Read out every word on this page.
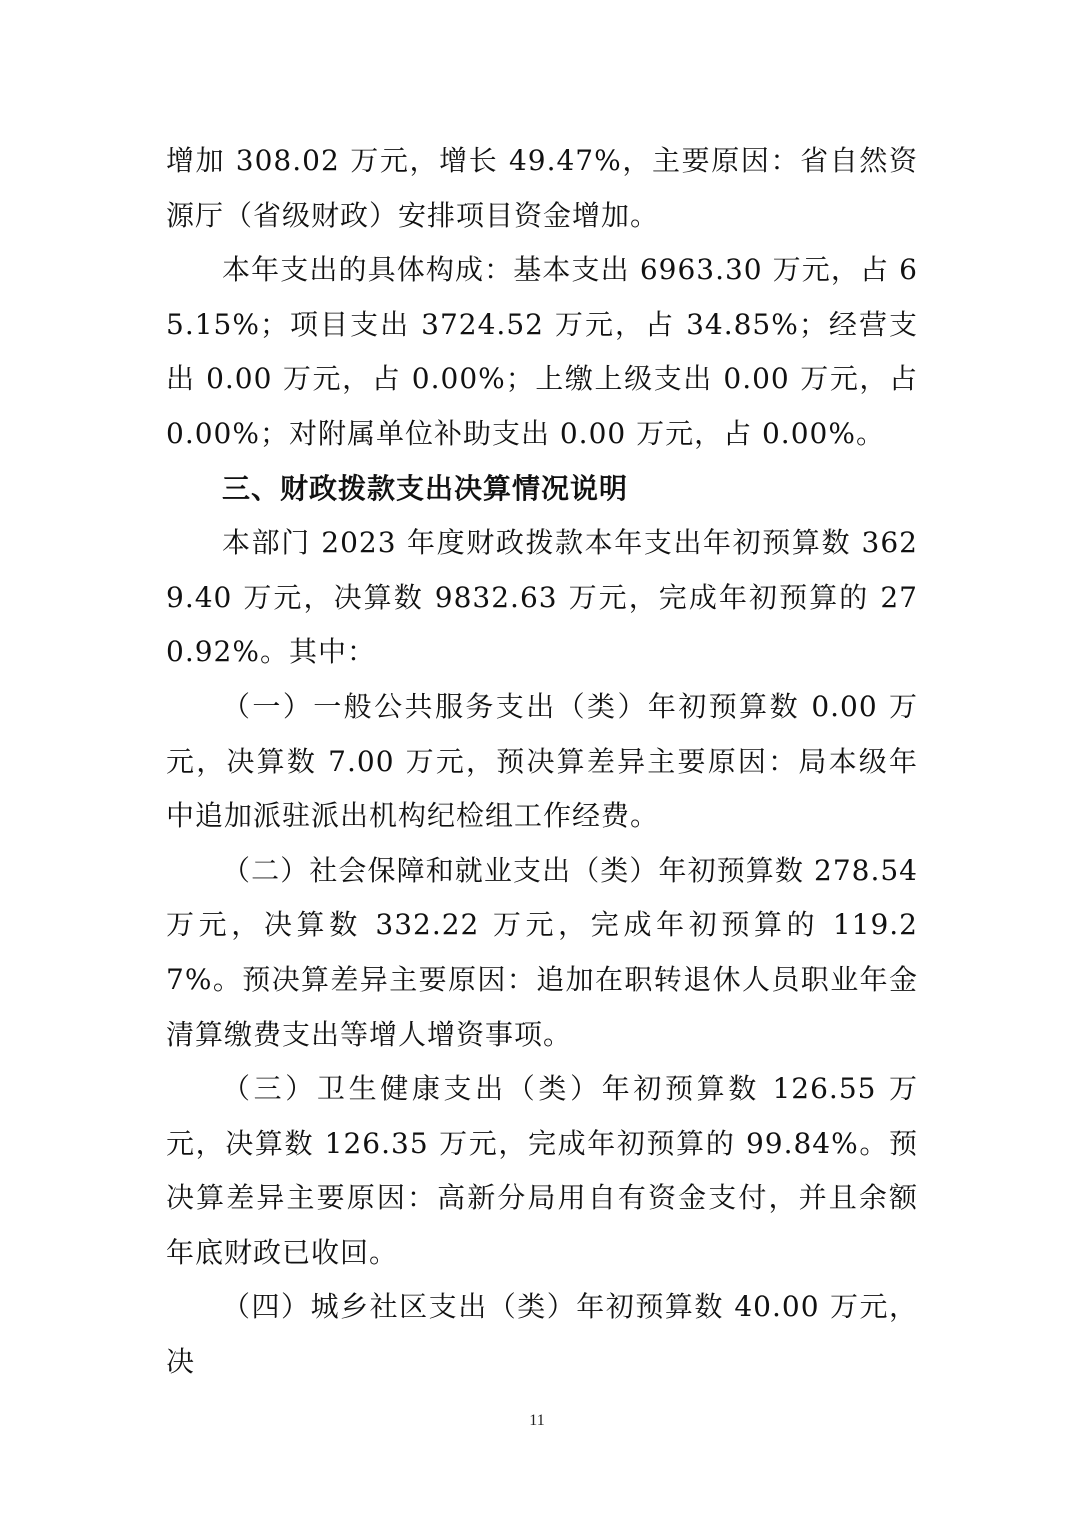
增加 308.02 万元，增长 49.47%，主要原因：省自然资源厅（省级财政）安排项目资金增加。

本年支出的具体构成：基本支出 6963.30 万元，占 65.15%；项目支出 3724.52 万元，占 34.85%；经营支出 0.00 万元，占 0.00%；上缴上级支出 0.00 万元，占 0.00%；对附属单位补助支出 0.00 万元，占 0.00%。

三、财政拨款支出决算情况说明

本部门 2023 年度财政拨款本年支出年初预算数 3629.40 万元，决算数 9832.63 万元，完成年初预算的 270.92%。其中：

（一）一般公共服务支出（类）年初预算数 0.00 万元，决算数 7.00 万元，预决算差异主要原因：局本级年中追加派驻派出机构纪检组工作经费。

（二）社会保障和就业支出（类）年初预算数 278.54 万元，决算数 332.22 万元，完成年初预算的 119.27%。预决算差异主要原因：追加在职转退休人员职业年金清算缴费支出等增人增资事项。

（三）卫生健康支出（类）年初预算数 126.55 万元，决算数 126.35 万元，完成年初预算的 99.84%。预决算差异主要原因：高新分局用自有资金支付，并且余额年底财政已收回。

（四）城乡社区支出（类）年初预算数 40.00 万元，决

11
